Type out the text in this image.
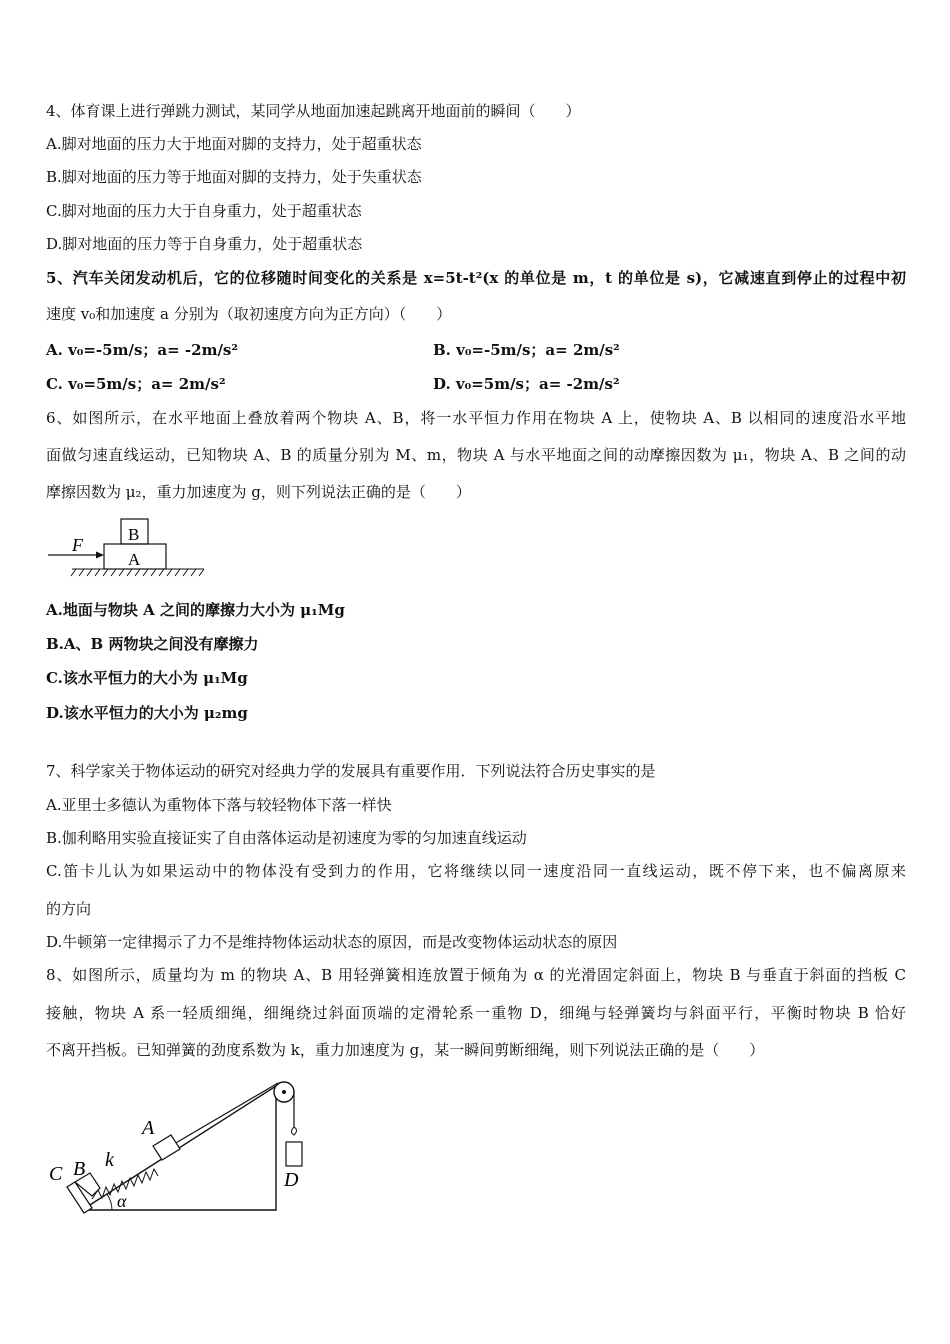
4、体育课上进行弹跳力测试，某同学从地面加速起跳离开地面前的瞬间（　　）
A.脚对地面的压力大于地面对脚的支持力，处于超重状态
B.脚对地面的压力等于地面对脚的支持力，处于失重状态
C.脚对地面的压力大于自身重力，处于超重状态
D.脚对地面的压力等于自身重力，处于超重状态
5、汽车关闭发动机后，它的位移随时间变化的关系是 x=5t-t²(x 的单位是 m，t 的单位是 s)，它减速直到停止的过程中初
速度 v₀和加速度 a 分别为（取初速度方向为正方向）（　　）
A. v₀=-5m/s；a= -2m/s²	B. v₀=-5m/s；a= 2m/s²
C. v₀=5m/s；a= 2m/s²	D. v₀=5m/s；a= -2m/s²
6、如图所示，在水平地面上叠放着两个物块 A、B，将一水平恒力作用在物块 A 上，使物块 A、B 以相同的速度沿水平地
面做匀速直线运动，已知物块 A、B 的质量分别为 M、m，物块 A 与水平地面之间的动摩擦因数为 μ₁，物块 A、B 之间的动
摩擦因数为 μ₂，重力加速度为 g，则下列说法正确的是（　　）
F
A
B
A.地面与物块 A 之间的摩擦力大小为 μ₁Mg
B.A、B 两物块之间没有摩擦力
C.该水平恒力的大小为 μ₁Mg
D.该水平恒力的大小为 μ₂mg
7、科学家关于物体运动的研究对经典力学的发展具有重要作用．下列说法符合历史事实的是
A.亚里士多德认为重物体下落与较轻物体下落一样快
B.伽利略用实验直接证实了自由落体运动是初速度为零的匀加速直线运动
C.笛卡儿认为如果运动中的物体没有受到力的作用，它将继续以同一速度沿同一直线运动，既不停下来，也不偏离原来
的方向
D.牛顿第一定律揭示了力不是维持物体运动状态的原因，而是改变物体运动状态的原因
8、如图所示，质量均为 m 的物块 A、B 用轻弹簧相连放置于倾角为 α 的光滑固定斜面上，物块 B 与垂直于斜面的挡板 C
接触，物块 A 系一轻质细绳，细绳绕过斜面顶端的定滑轮系一重物 D，细绳与轻弹簧均与斜面平行，平衡时物块 B 恰好
不离开挡板。已知弹簧的劲度系数为 k，重力加速度为 g，某一瞬间剪断细绳，则下列说法正确的是（　　）
A
k
B
C	D
α
